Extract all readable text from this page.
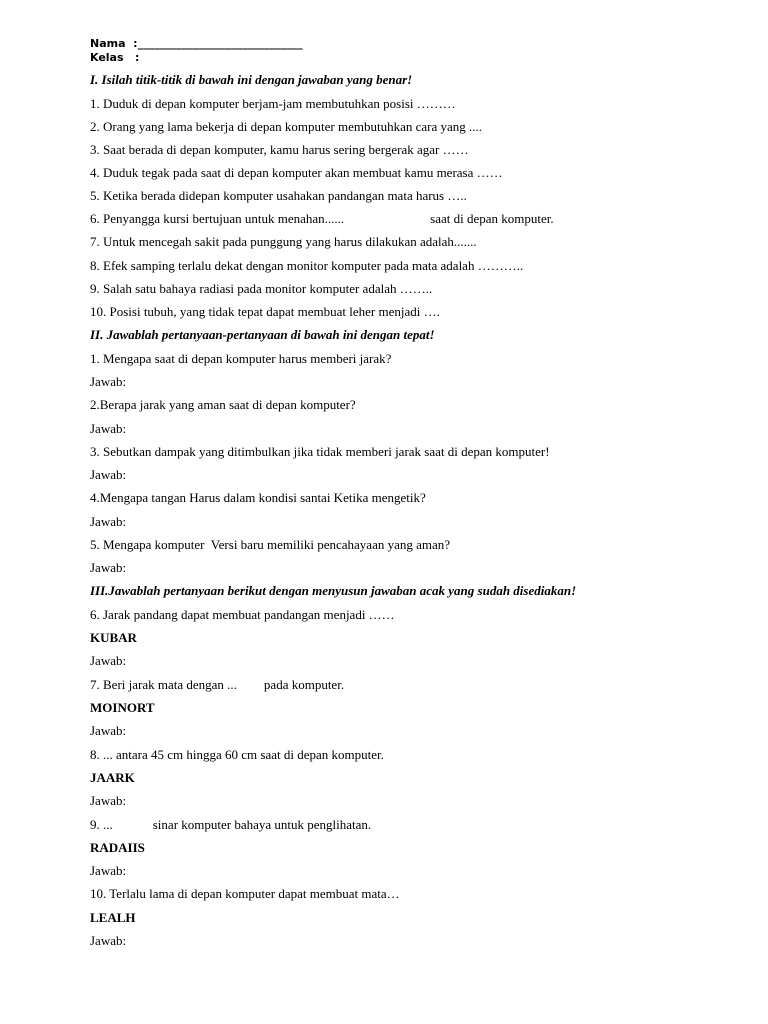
Nama  :______________________________
Kelas   :
I. Isilah titik-titik di bawah ini dengan jawaban yang benar!
1. Duduk di depan komputer berjam-jam membutuhkan posisi ………
2. Orang yang lama bekerja di depan komputer membutuhkan cara yang ....
3. Saat berada di depan komputer, kamu harus sering bergerak agar ……
4. Duduk tegak pada saat di depan komputer akan membuat kamu merasa ……
5. Ketika berada didepan komputer usahakan pandangan mata harus …..
6. Penyangga kursi bertujuan untuk menahan......	saat di depan komputer.
7. Untuk mencegah sakit pada punggung yang harus dilakukan adalah.......
8. Efek samping terlalu dekat dengan monitor komputer pada mata adalah ………..
9. Salah satu bahaya radiasi pada monitor komputer adalah ……..
10. Posisi tubuh, yang tidak tepat dapat membuat leher menjadi ….
II. Jawablah pertanyaan-pertanyaan di bawah ini dengan tepat!
1. Mengapa saat di depan komputer harus memberi jarak?
Jawab:
2.Berapa jarak yang aman saat di depan komputer?
Jawab:
3. Sebutkan dampak yang ditimbulkan jika tidak memberi jarak saat di depan komputer!
Jawab:
4.Mengapa tangan Harus dalam kondisi santai Ketika mengetik?
Jawab:
5. Mengapa komputer  Versi baru memiliki pencahayaan yang aman?
Jawab:
III.Jawablah pertanyaan berikut dengan menyusun jawaban acak yang sudah disediakan!
6. Jarak pandang dapat membuat pandangan menjadi ……
KUBAR
Jawab:
7. Beri jarak mata dengan ... pada komputer.
MOINORT
Jawab:
8. ... antara 45 cm hingga 60 cm saat di depan komputer.
JAARK
Jawab:
9. ...	sinar komputer bahaya untuk penglihatan.
RADAIIS
Jawab:
10. Terlalu lama di depan komputer dapat membuat mata…
LEALH
Jawab:
